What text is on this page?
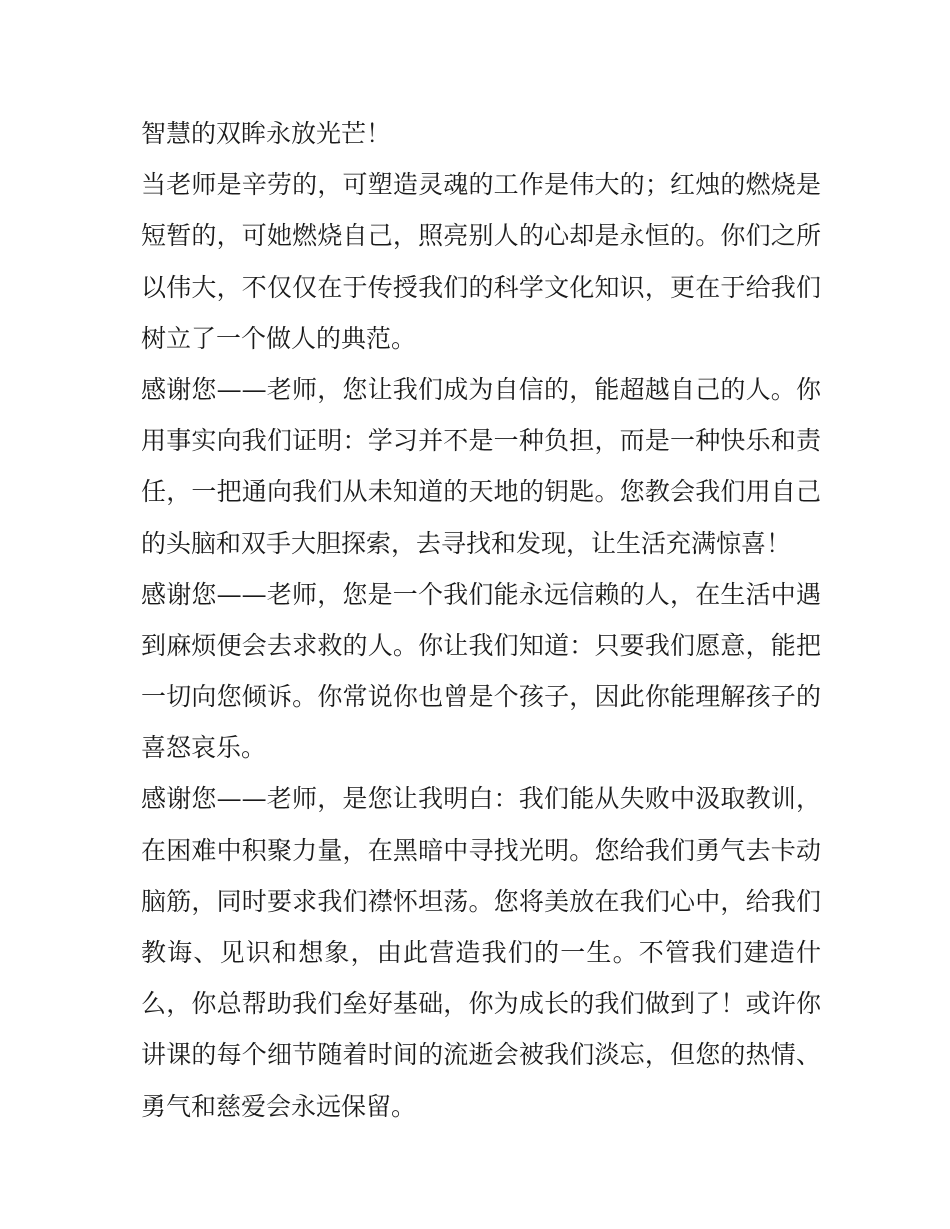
智慧的双眸永放光芒！
当老师是辛劳的，可塑造灵魂的工作是伟大的；红烛的燃烧是
短暂的，可她燃烧自己，照亮别人的心却是永恒的。你们之所
以伟大，不仅仅在于传授我们的科学文化知识，更在于给我们
树立了一个做人的典范。
感谢您——老师，您让我们成为自信的，能超越自己的人。你
用事实向我们证明：学习并不是一种负担，而是一种快乐和责
任，一把通向我们从未知道的天地的钥匙。您教会我们用自己
的头脑和双手大胆探索，去寻找和发现，让生活充满惊喜！
感谢您——老师，您是一个我们能永远信赖的人，在生活中遇
到麻烦便会去求救的人。你让我们知道：只要我们愿意，能把
一切向您倾诉。你常说你也曾是个孩子，因此你能理解孩子的
喜怒哀乐。
感谢您——老师，是您让我明白：我们能从失败中汲取教训，
在困难中积聚力量，在黑暗中寻找光明。您给我们勇气去卡动
脑筋，同时要求我们襟怀坦荡。您将美放在我们心中，给我们
教诲、见识和想象，由此营造我们的一生。不管我们建造什
么，你总帮助我们垒好基础，你为成长的我们做到了！或许你
讲课的每个细节随着时间的流逝会被我们淡忘，但您的热情、
勇气和慈爱会永远保留。
